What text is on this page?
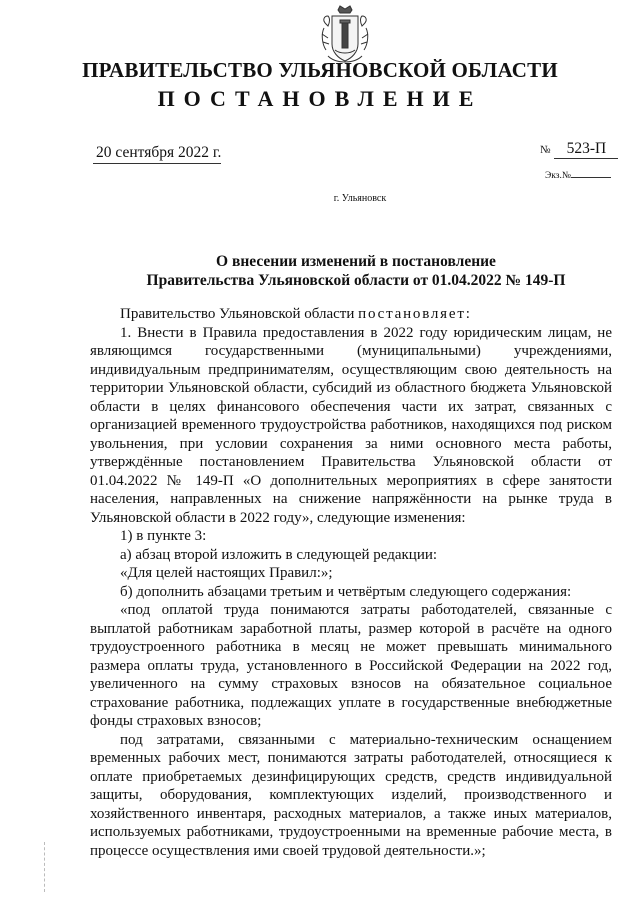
ПРАВИТЕЛЬСТВО УЛЬЯНОВСКОЙ ОБЛАСТИ
ПОСТАНОВЛЕНИЕ
20 сентября 2022 г.	№ 523-П
Экз.№
г. Ульяновск
О внесении изменений в постановление
Правительства Ульяновской области от 01.04.2022 № 149-П

Правительство Ульяновской области постановляет:

1. Внести в Правила предоставления в 2022 году юридическим лицам, не являющимся государственными (муниципальными) учреждениями, индивидуальным предпринимателям, осуществляющим свою деятельность на территории Ульяновской области, субсидий из областного бюджета Ульяновской области в целях финансового обеспечения части их затрат, связанных с организацией временного трудоустройства работников, находящихся под риском увольнения, при условии сохранения за ними основного места работы, утверждённые постановлением Правительства Ульяновской области от 01.04.2022 № 149-П «О дополнительных мероприятиях в сфере занятости населения, направленных на снижение напряжённости на рынке труда в Ульяновской области в 2022 году», следующие изменения:

1) в пункте 3:

а) абзац второй изложить в следующей редакции:

«Для целей настоящих Правил:»;

б) дополнить абзацами третьим и четвёртым следующего содержания:

«под оплатой труда понимаются затраты работодателей, связанные с выплатой работникам заработной платы, размер которой в расчёте на одного трудоустроенного работника в месяц не может превышать минимального размера оплаты труда, установленного в Российской Федерации на 2022 год, увеличенного на сумму страховых взносов на обязательное социальное страхование работника, подлежащих уплате в государственные внебюджетные фонды страховых взносов;

под затратами, связанными с материально-техническим оснащением временных рабочих мест, понимаются затраты работодателей, относящиеся к оплате приобретаемых дезинфицирующих средств, средств индивидуальной защиты, оборудования, комплектующих изделий, производственного и хозяйственного инвентаря, расходных материалов, а также иных материалов, используемых работниками, трудоустроенными на временные рабочие места, в процессе осуществления ими своей трудовой деятельности.»;
